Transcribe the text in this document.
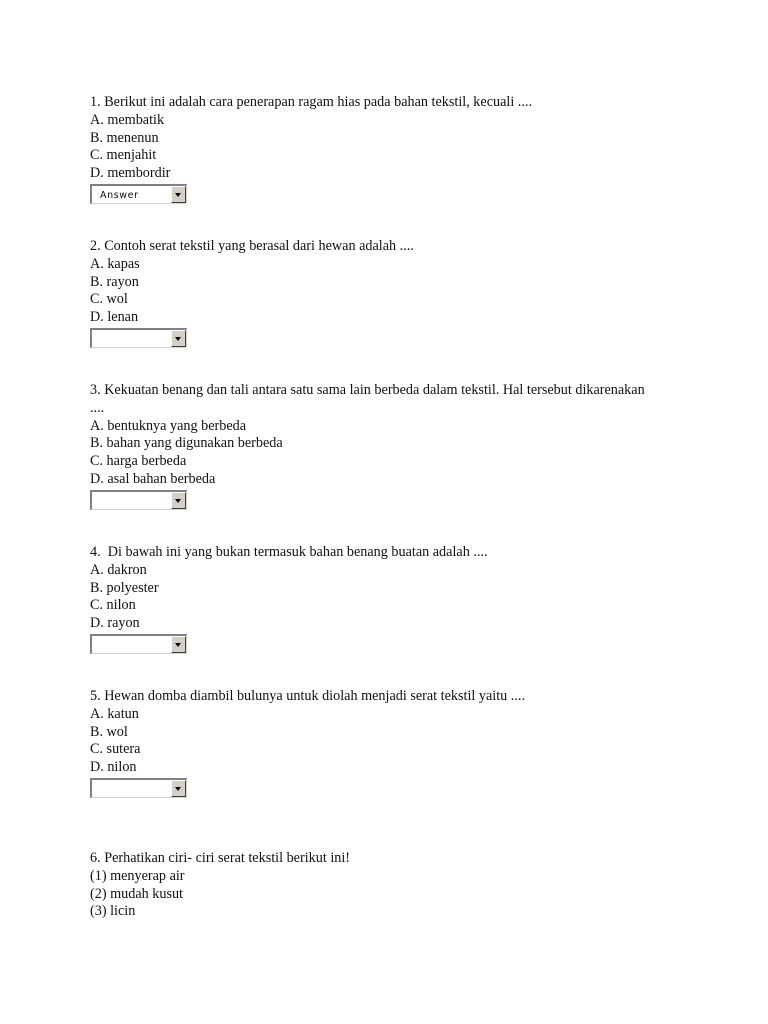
1. Berikut ini adalah cara penerapan ragam hias pada bahan tekstil, kecuali ....
A. membatik
B. menenun
C. menjahit
D. membordir
Answer
2. Contoh serat tekstil yang berasal dari hewan adalah ....
A. kapas
B. rayon
C. wol
D. lenan
3. Kekuatan benang dan tali antara satu sama lain berbeda dalam tekstil. Hal tersebut dikarenakan ....
A. bentuknya yang berbeda
B. bahan yang digunakan berbeda
C. harga berbeda
D. asal bahan berbeda
4.  Di bawah ini yang bukan termasuk bahan benang buatan adalah ....
A. dakron
B. polyester
C. nilon
D. rayon
5. Hewan domba diambil bulunya untuk diolah menjadi serat tekstil yaitu ....
A. katun
B. wol
C. sutera
D. nilon
6. Perhatikan ciri- ciri serat tekstil berikut ini!
(1) menyerap air
(2) mudah kusut
(3) licin
